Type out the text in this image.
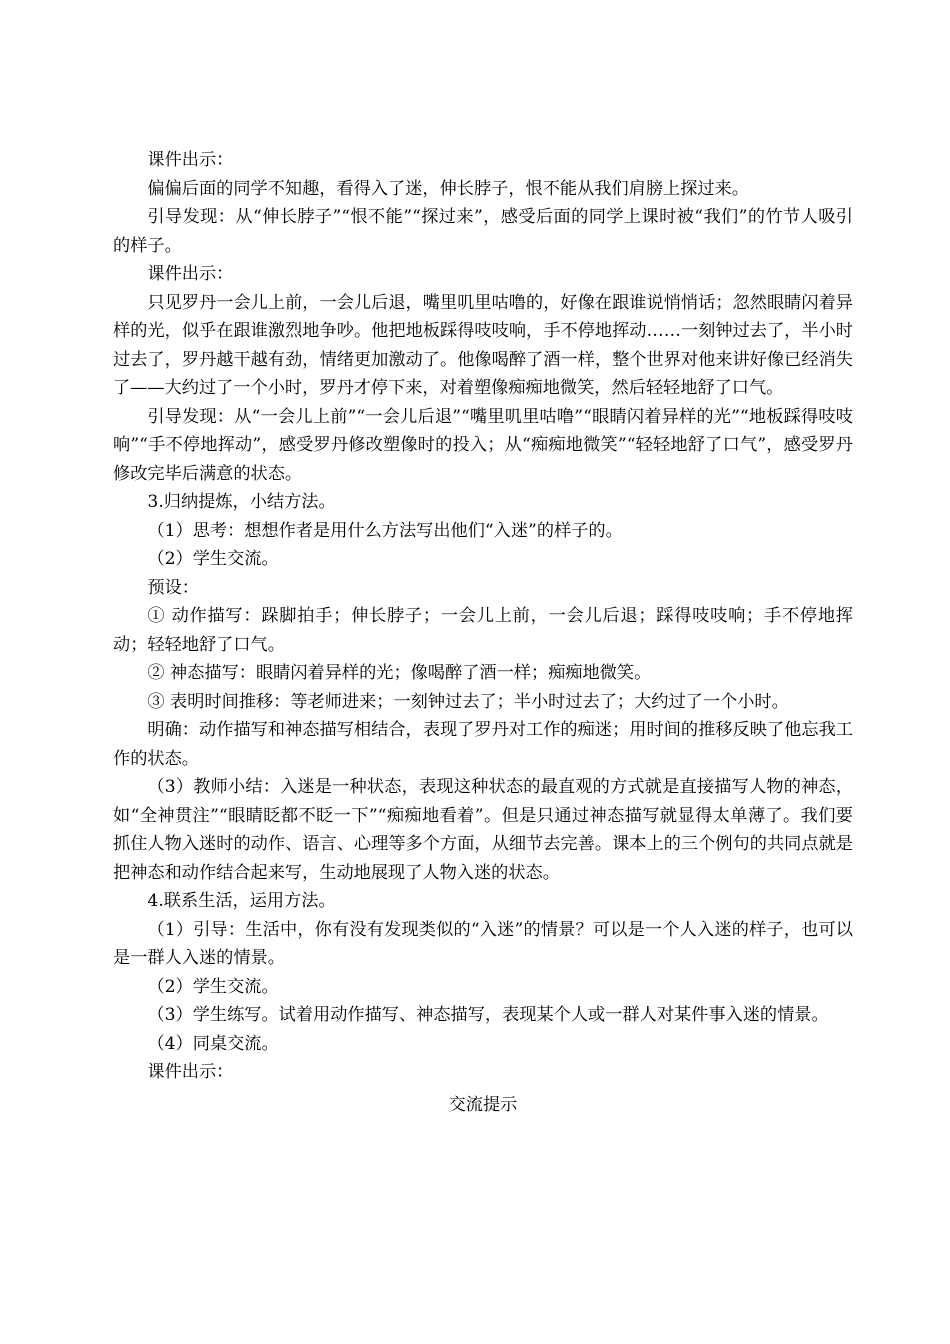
课件出示：

偏偏后面的同学不知趣，看得入了迷，伸长脖子，恨不能从我们肩膀上探过来。

引导发现：从“伸长脖子”“恨不能”“探过来”，感受后面的同学上课时被“我们”的竹节人吸引的样子。

课件出示：

只见罗丹一会儿上前，一会儿后退，嘴里叽里咕噜的，好像在跟谁说悄悄话；忽然眼睛闪着异样的光，似乎在跟谁激烈地争吵。他把地板踩得吱吱响，手不停地挥动……一刻钟过去了，半小时过去了，罗丹越干越有劲，情绪更加激动了。他像喝醉了酒一样，整个世界对他来讲好像已经消失了——大约过了一个小时，罗丹才停下来，对着塑像痴痴地微笑，然后轻轻地舒了口气。

引导发现：从“一会儿上前”“一会儿后退”“嘴里叽里咕噜”“眼睛闪着异样的光”“地板踩得吱吱响”“手不停地挥动”，感受罗丹修改塑像时的投入；从“痴痴地微笑”“轻轻地舒了口气”，感受罗丹修改完毕后满意的状态。

3.归纳提炼，小结方法。

（1）思考：想想作者是用什么方法写出他们“入迷”的样子的。

（2）学生交流。

预设：

① 动作描写：跺脚拍手；伸长脖子；一会儿上前，一会儿后退；踩得吱吱响；手不停地挥动；轻轻地舒了口气。

② 神态描写：眼睛闪着异样的光；像喝醉了酒一样；痴痴地微笑。

③ 表明时间推移：等老师进来；一刻钟过去了；半小时过去了；大约过了一个小时。

明确：动作描写和神态描写相结合，表现了罗丹对工作的痴迷；用时间的推移反映了他忘我工作的状态。

（3）教师小结：入迷是一种状态，表现这种状态的最直观的方式就是直接描写人物的神态，如“全神贯注”“眼睛眨都不眨一下”“痴痴地看着”。但是只通过神态描写就显得太单薄了。我们要抓住人物入迷时的动作、语言、心理等多个方面，从细节去完善。课本上的三个例句的共同点就是把神态和动作结合起来写，生动地展现了人物入迷的状态。

4.联系生活，运用方法。

（1）引导：生活中，你有没有发现类似的“入迷”的情景？可以是一个人入迷的样子，也可以是一群人入迷的情景。

（2）学生交流。

（3）学生练写。试着用动作描写、神态描写，表现某个人或一群人对某件事入迷的情景。

（4）同桌交流。

课件出示：

交流提示
